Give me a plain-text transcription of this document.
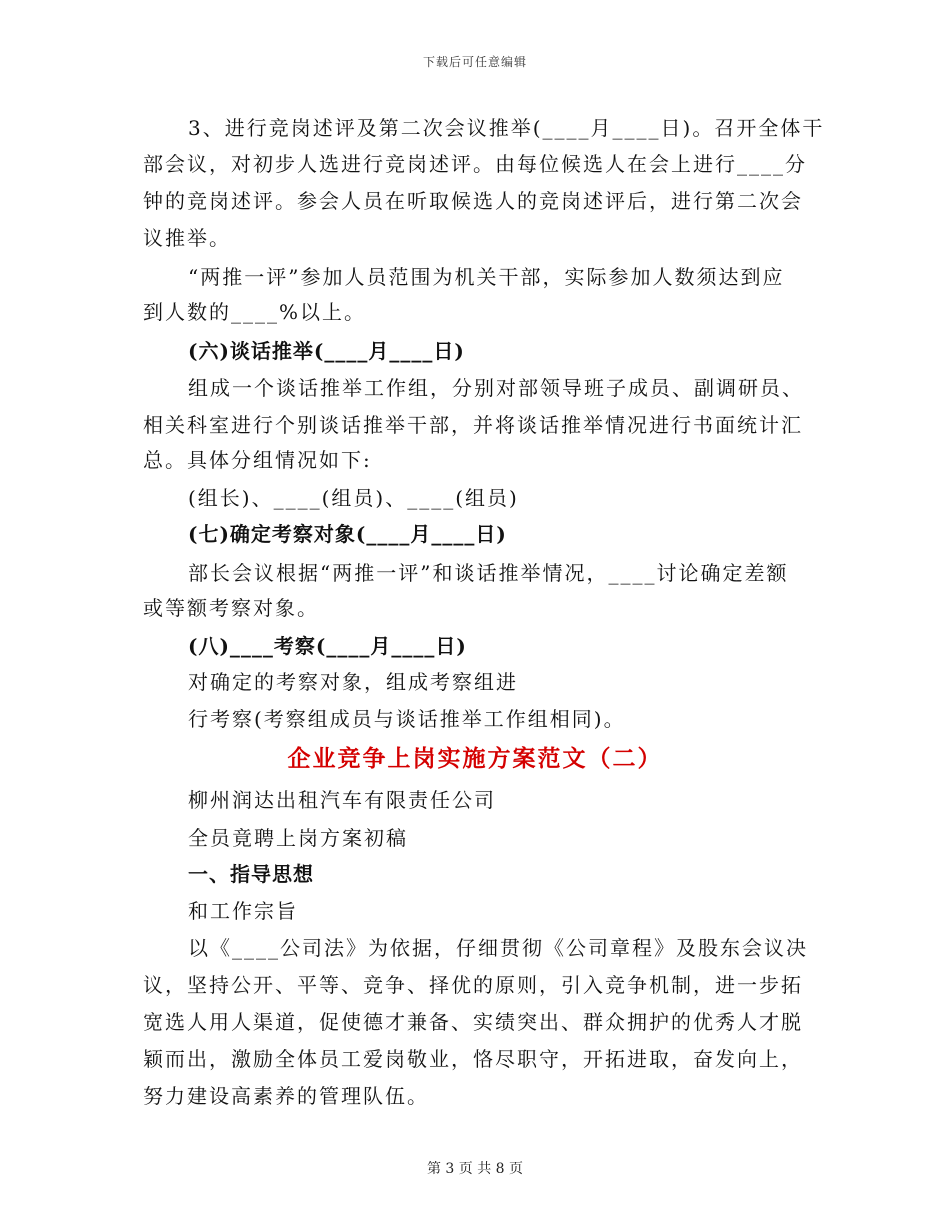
下载后可任意编辑
3、进行竞岗述评及第二次会议推举(____月____日)。召开全体干
部会议，对初步人选进行竞岗述评。由每位候选人在会上进行____分
钟的竞岗述评。参会人员在听取候选人的竞岗述评后，进行第二次会
议推举。
“两推一评”参加人员范围为机关干部，实际参加人数须达到应
到人数的____%以上。
(六)谈话推举(____月____日)
组成一个谈话推举工作组，分别对部领导班子成员、副调研员、
相关科室进行个别谈话推举干部，并将谈话推举情况进行书面统计汇
总。具体分组情况如下:
(组长)、____(组员)、____(组员)
(七)确定考察对象(____月____日)
部长会议根据“两推一评”和谈话推举情况，____讨论确定差额
或等额考察对象。
(八)____考察(____月____日)
对确定的考察对象，组成考察组进
行考察(考察组成员与谈话推举工作组相同)。
企业竞争上岗实施方案范文（二）
柳州润达出租汽车有限责任公司
全员竟聘上岗方案初稿
一、指导思想
和工作宗旨
以《____公司法》为依据，仔细贯彻《公司章程》及股东会议决
议，坚持公开、平等、竞争、择优的原则，引入竞争机制，进一步拓
宽选人用人渠道，促使德才兼备、实绩突出、群众拥护的优秀人才脱
颖而出，激励全体员工爱岗敬业，恪尽职守，开拓进取，奋发向上，
努力建设高素养的管理队伍。
第 3 页 共 8 页
